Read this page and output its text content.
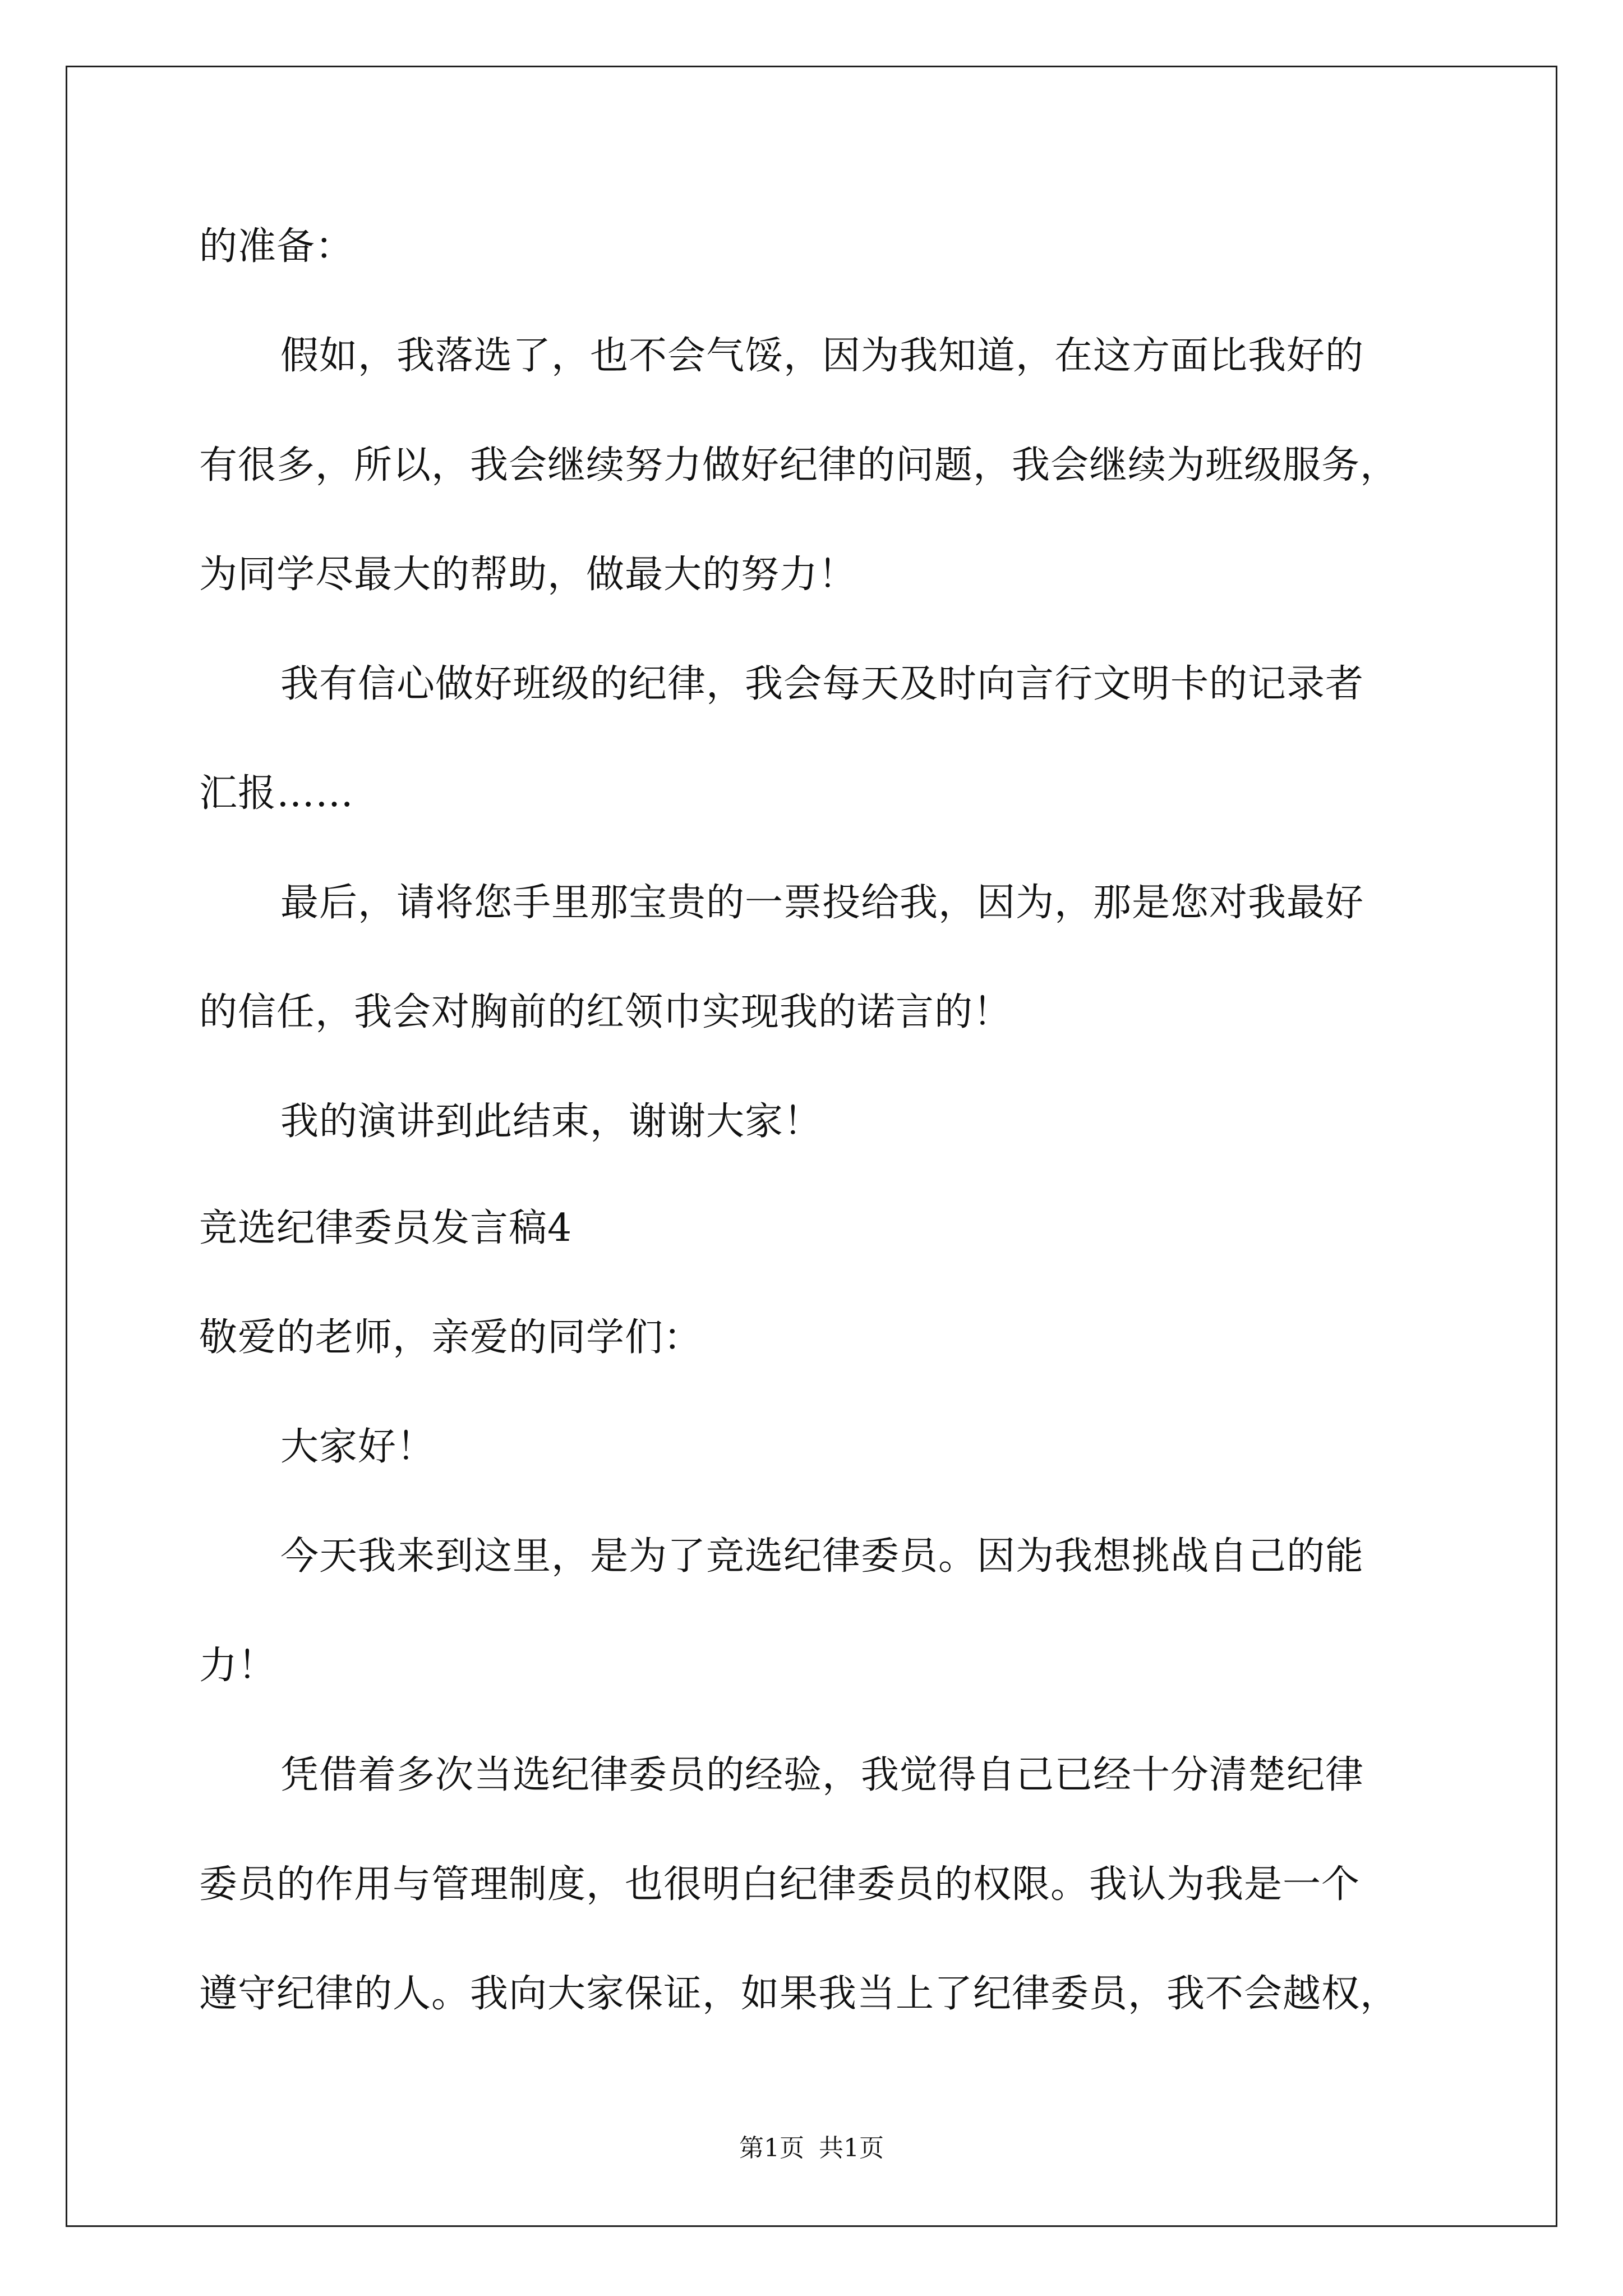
的准备：
假如，我落选了，也不会气馁，因为我知道，在这方面比我好的
有很多，所以，我会继续努力做好纪律的问题，我会继续为班级服务，
为同学尽最大的帮助，做最大的努力！
我有信心做好班级的纪律，我会每天及时向言行文明卡的记录者
汇报……
最后，请将您手里那宝贵的一票投给我，因为，那是您对我最好
的信任，我会对胸前的红领巾实现我的诺言的！
我的演讲到此结束，谢谢大家！
竞选纪律委员发言稿4
敬爱的老师，亲爱的同学们：
大家好！
今天我来到这里，是为了竞选纪律委员。因为我想挑战自己的能
力！
凭借着多次当选纪律委员的经验，我觉得自己已经十分清楚纪律
委员的作用与管理制度，也很明白纪律委员的权限。我认为我是一个
遵守纪律的人。我向大家保证，如果我当上了纪律委员，我不会越权，
第1页 共1页
